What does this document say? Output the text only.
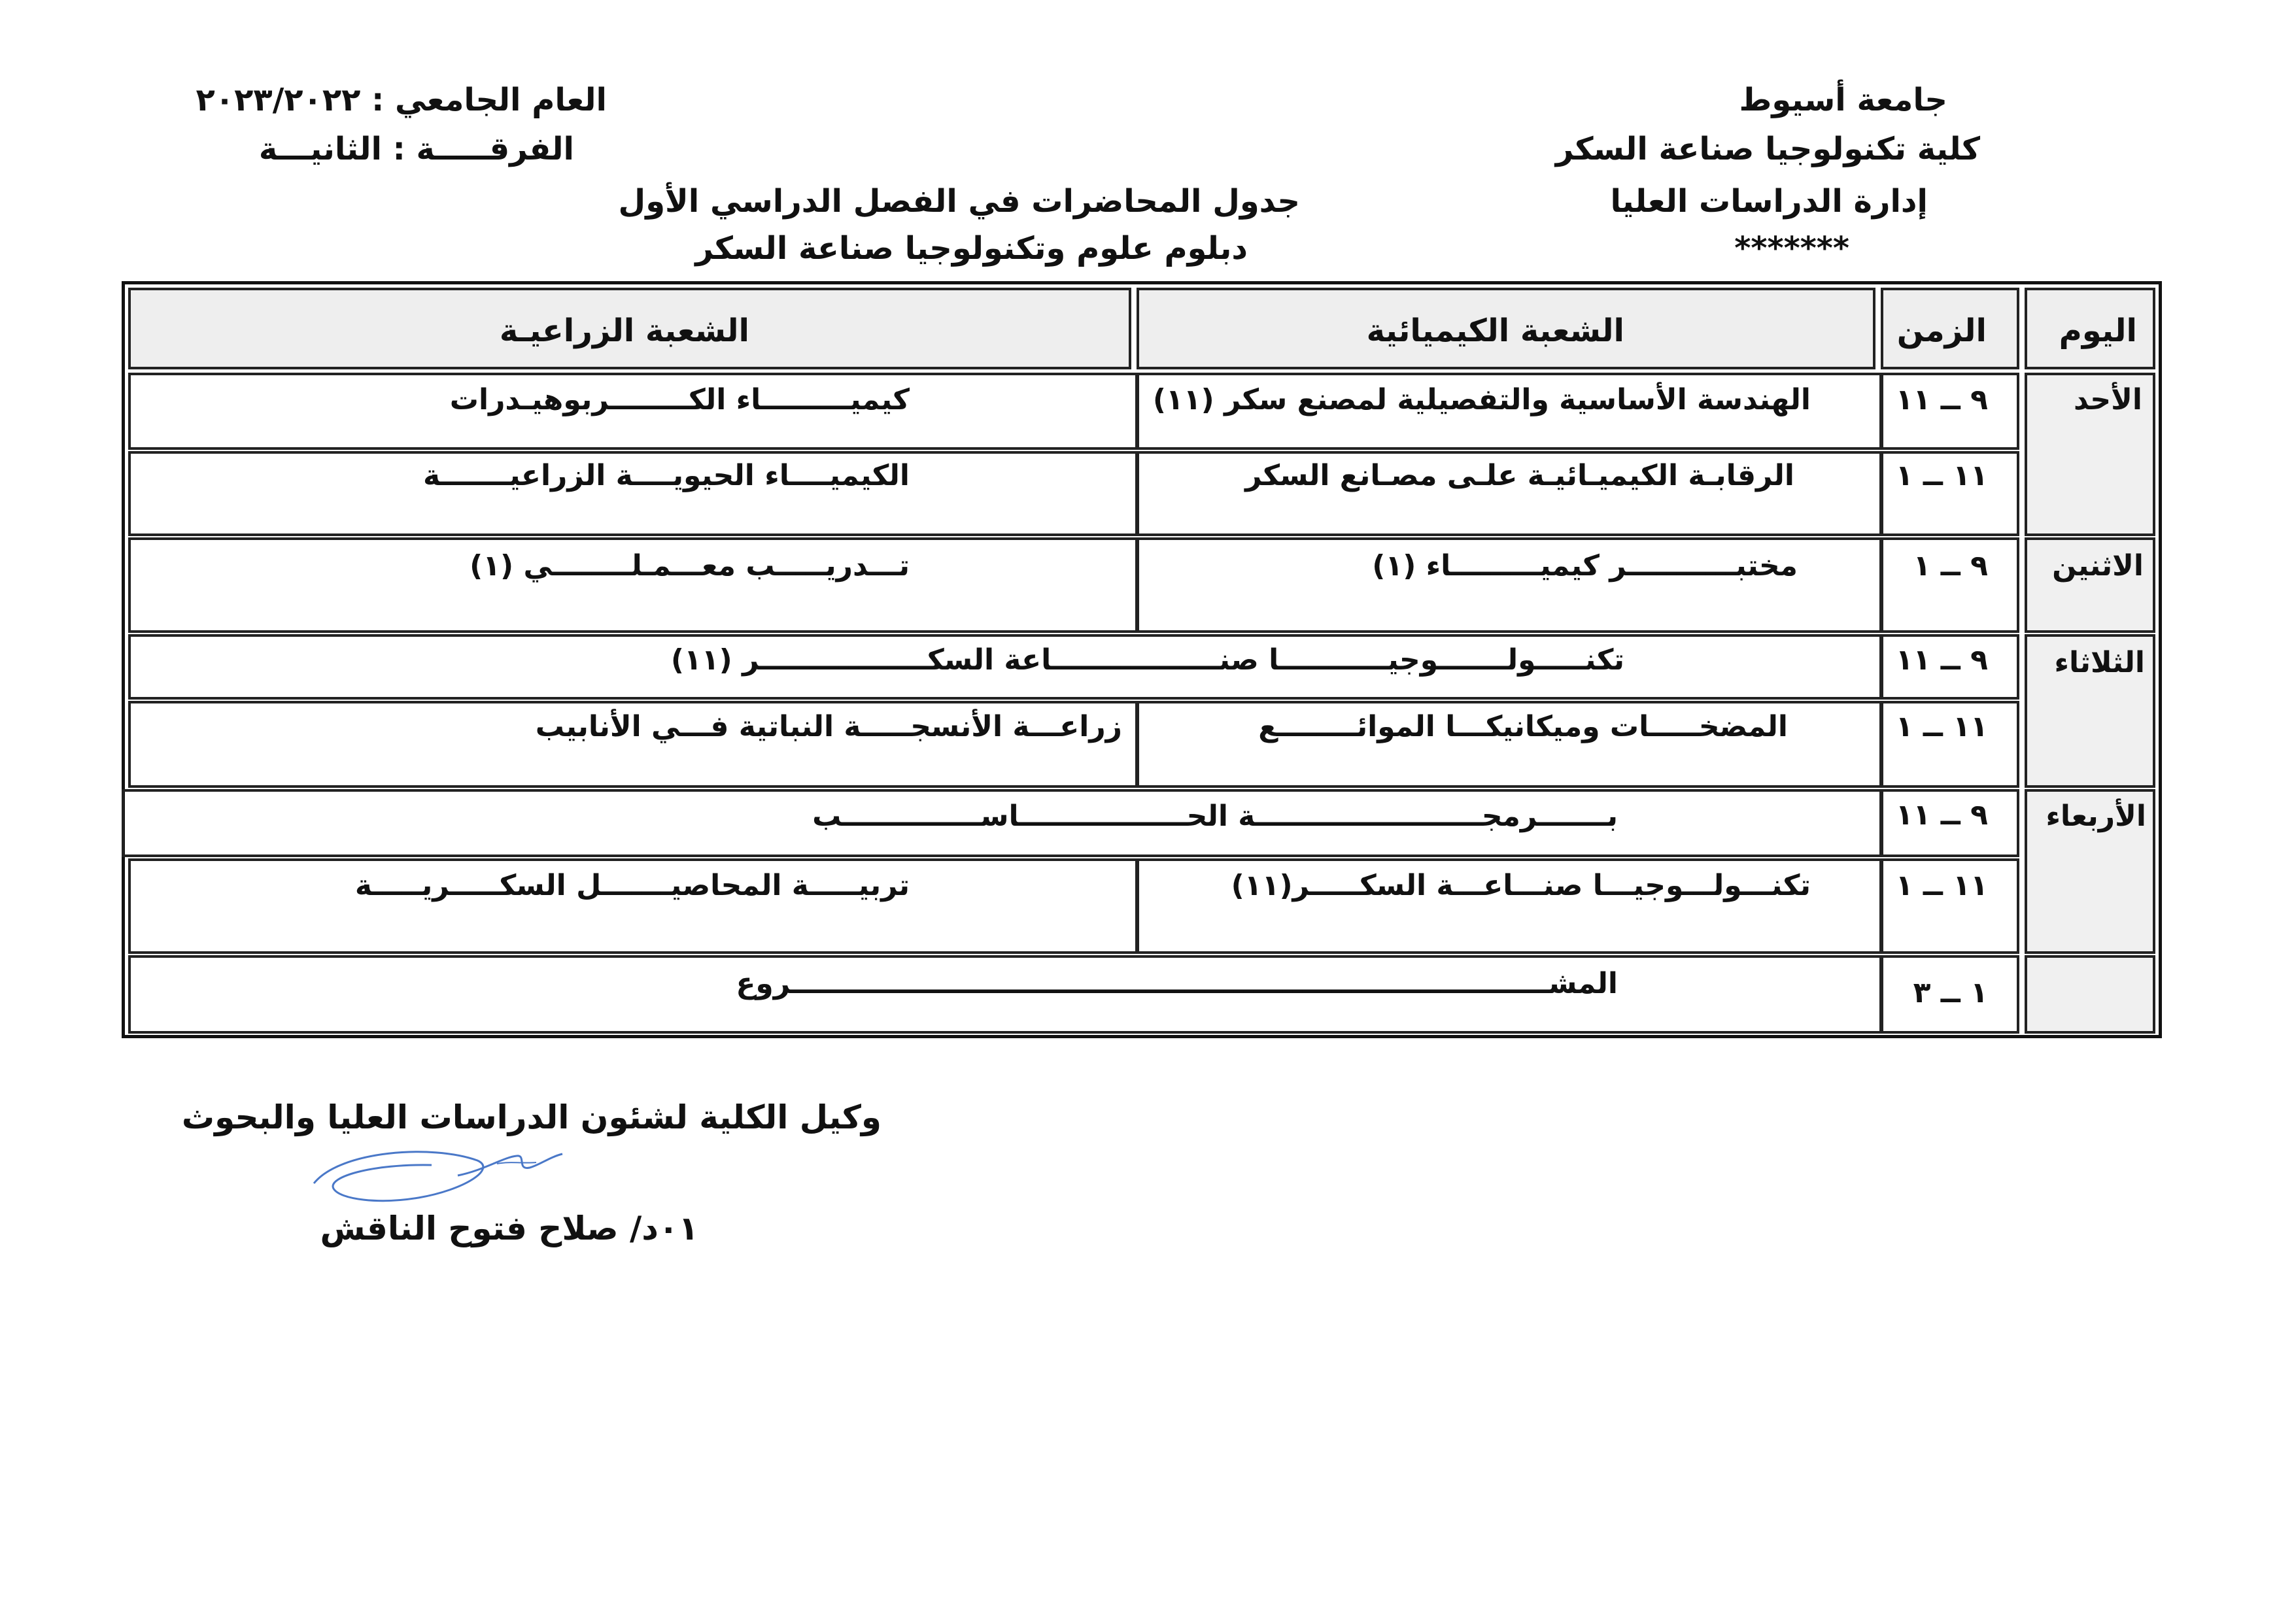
جامعة أسيوط
كلية تكنولوجيا صناعة السكر
إدارة الدراسات العليا
*******
العام الجامعي : ٢٠٢٣/٢٠٢٢
الفرقـــــة : الثانيـــة
جدول المحاضرات في الفصل الدراسي الأول
دبلوم علوم وتكنولوجيا صناعة السكر
اليوم
الزمن
الشعبة الكيميائية
الشعبة الزراعيـة
الأحد
الاثنين
الثلاثاء
الأربعاء
٩ ــ ١١
الهندسة الأساسية والتفصيلية لمصنع سكر (١١)
كيميـــــــــاء الكــــــــربوهيـدرات
١١ ــ ١
الرقابـة الكيميـائيـة علـى مصـانع السكر
الكيميــــاء الحيويــــة الزراعيـــــــة
٩ ــ ١
مختبـــــــــــر كيميـــــــــاء (١)
تـــدريـــــب معـــمـلــــــــي (١)
٩ ــ ١١
تكنـــــولـــــــوجيـــــــــــا صنـــــــــــــــــاعة السكـــــــــــــــــر (١١)
١١ ــ ١
المضخـــــات وميكانيكـــا الموائــــــــع
زراعـــة الأنسجـــــة النباتية فـــي الأنابيب
٩ ــ ١١
بـــــــرمجـــــــــــــــــــــــة الحـــــــــــــــــاســــــــــــــب
١١ ــ ١
تكنـــولـــوجيـــا صنـــاعـــة السكـــــر(١١)
تربيـــــة المحاصيـــــــل السكـــــريـــــة
١ ــ ٣
المشـــــــــــــــــــــــــــــــــــــــــــــــــــــــــــــــــــــــــــــروع
وكيل الكلية لشئون الدراسات العليا والبحوث
٠١د/ صلاح فتوح الناقش
